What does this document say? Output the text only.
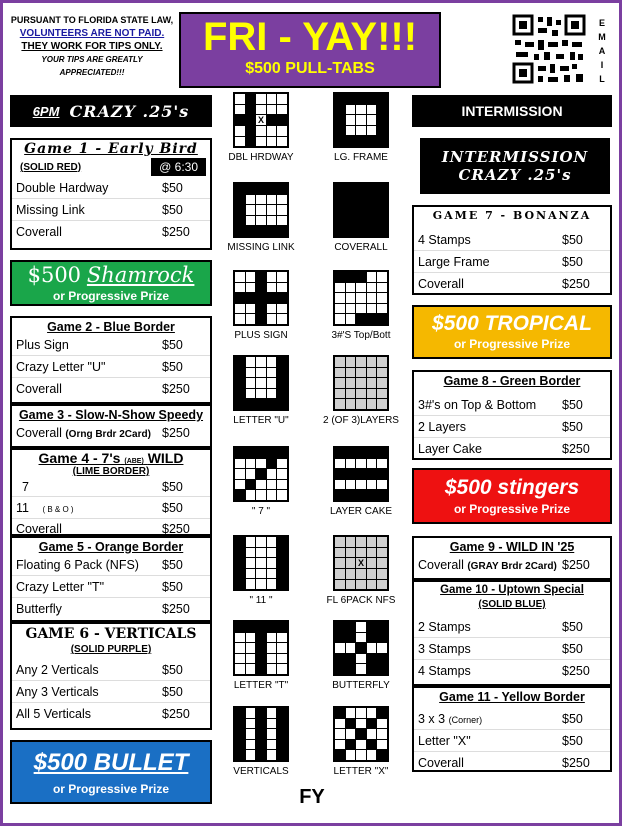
PURSUANT TO FLORIDA STATE LAW,
VOLUNTEERS ARE NOT PAID.
THEY WORK FOR TIPS ONLY.
YOUR TIPS ARE GREATLY
APPRECIATED!!!
FRI - YAY!!!
$500 PULL-TABS
E
M
A
I
L
6PM CRAZY .25's
Game 1 - Early Bird
(SOLID RED)	@ 6:30
Double Hardway	$50
Missing Link	$50
Coverall	$250
$500 Shamrock
or Progressive Prize
Game 2 - Blue Border
Plus Sign	$50
Crazy Letter "U"	$50
Coverall	$250
Game 3 - Slow-N-Show Speedy
Coverall (Orng Brdr 2Card) $250
Game 4 - 7's (ABE) WILD
(LIME BORDER)
7	$50
11 ( B & O )	$50
Coverall	$250
Game 5 - Orange Border
Floating 6 Pack (NFS) $50
Crazy Letter "T"	$50
Butterfly	$250
GAME 6 - VERTICALS
(SOLID PURPLE)
Any 2 Verticals	$50
Any 3 Verticals	$50
All 5 Verticals	$250
$500 BULLET
or Progressive Prize
X
DBL HRDWAY	LG. FRAME
MISSING LINK	COVERALL
PLUS SIGN	3#'S Top/Bott
LETTER "U"	2 (OF 3)LAYERS
" 7 "	LAYER CAKE
" 11 "
X
FL 6PACK NFS
LETTER "T"	BUTTERFLY
VERTICALS	LETTER "X"
FY
INTERMISSION
INTERMISSION
CRAZY .25's
GAME 7 - BONANZA
4 Stamps	$50
Large Frame	$50
Coverall	$250
$500 TROPICAL
or Progressive Prize
Game 8 - Green Border
3#'s on Top & Bottom $50
2 Layers	$50
Layer Cake	$250
$500 stingers
or Progressive Prize
Game 9 - WILD IN '25
Coverall (GRAY Brdr 2Card) $250
Game 10 - Uptown Special
(SOLID BLUE)
2 Stamps	$50
3 Stamps	$50
4 Stamps	$250
Game 11 - Yellow Border
3 x 3 (Corner)	$50
Letter "X"	$50
Coverall	$250
